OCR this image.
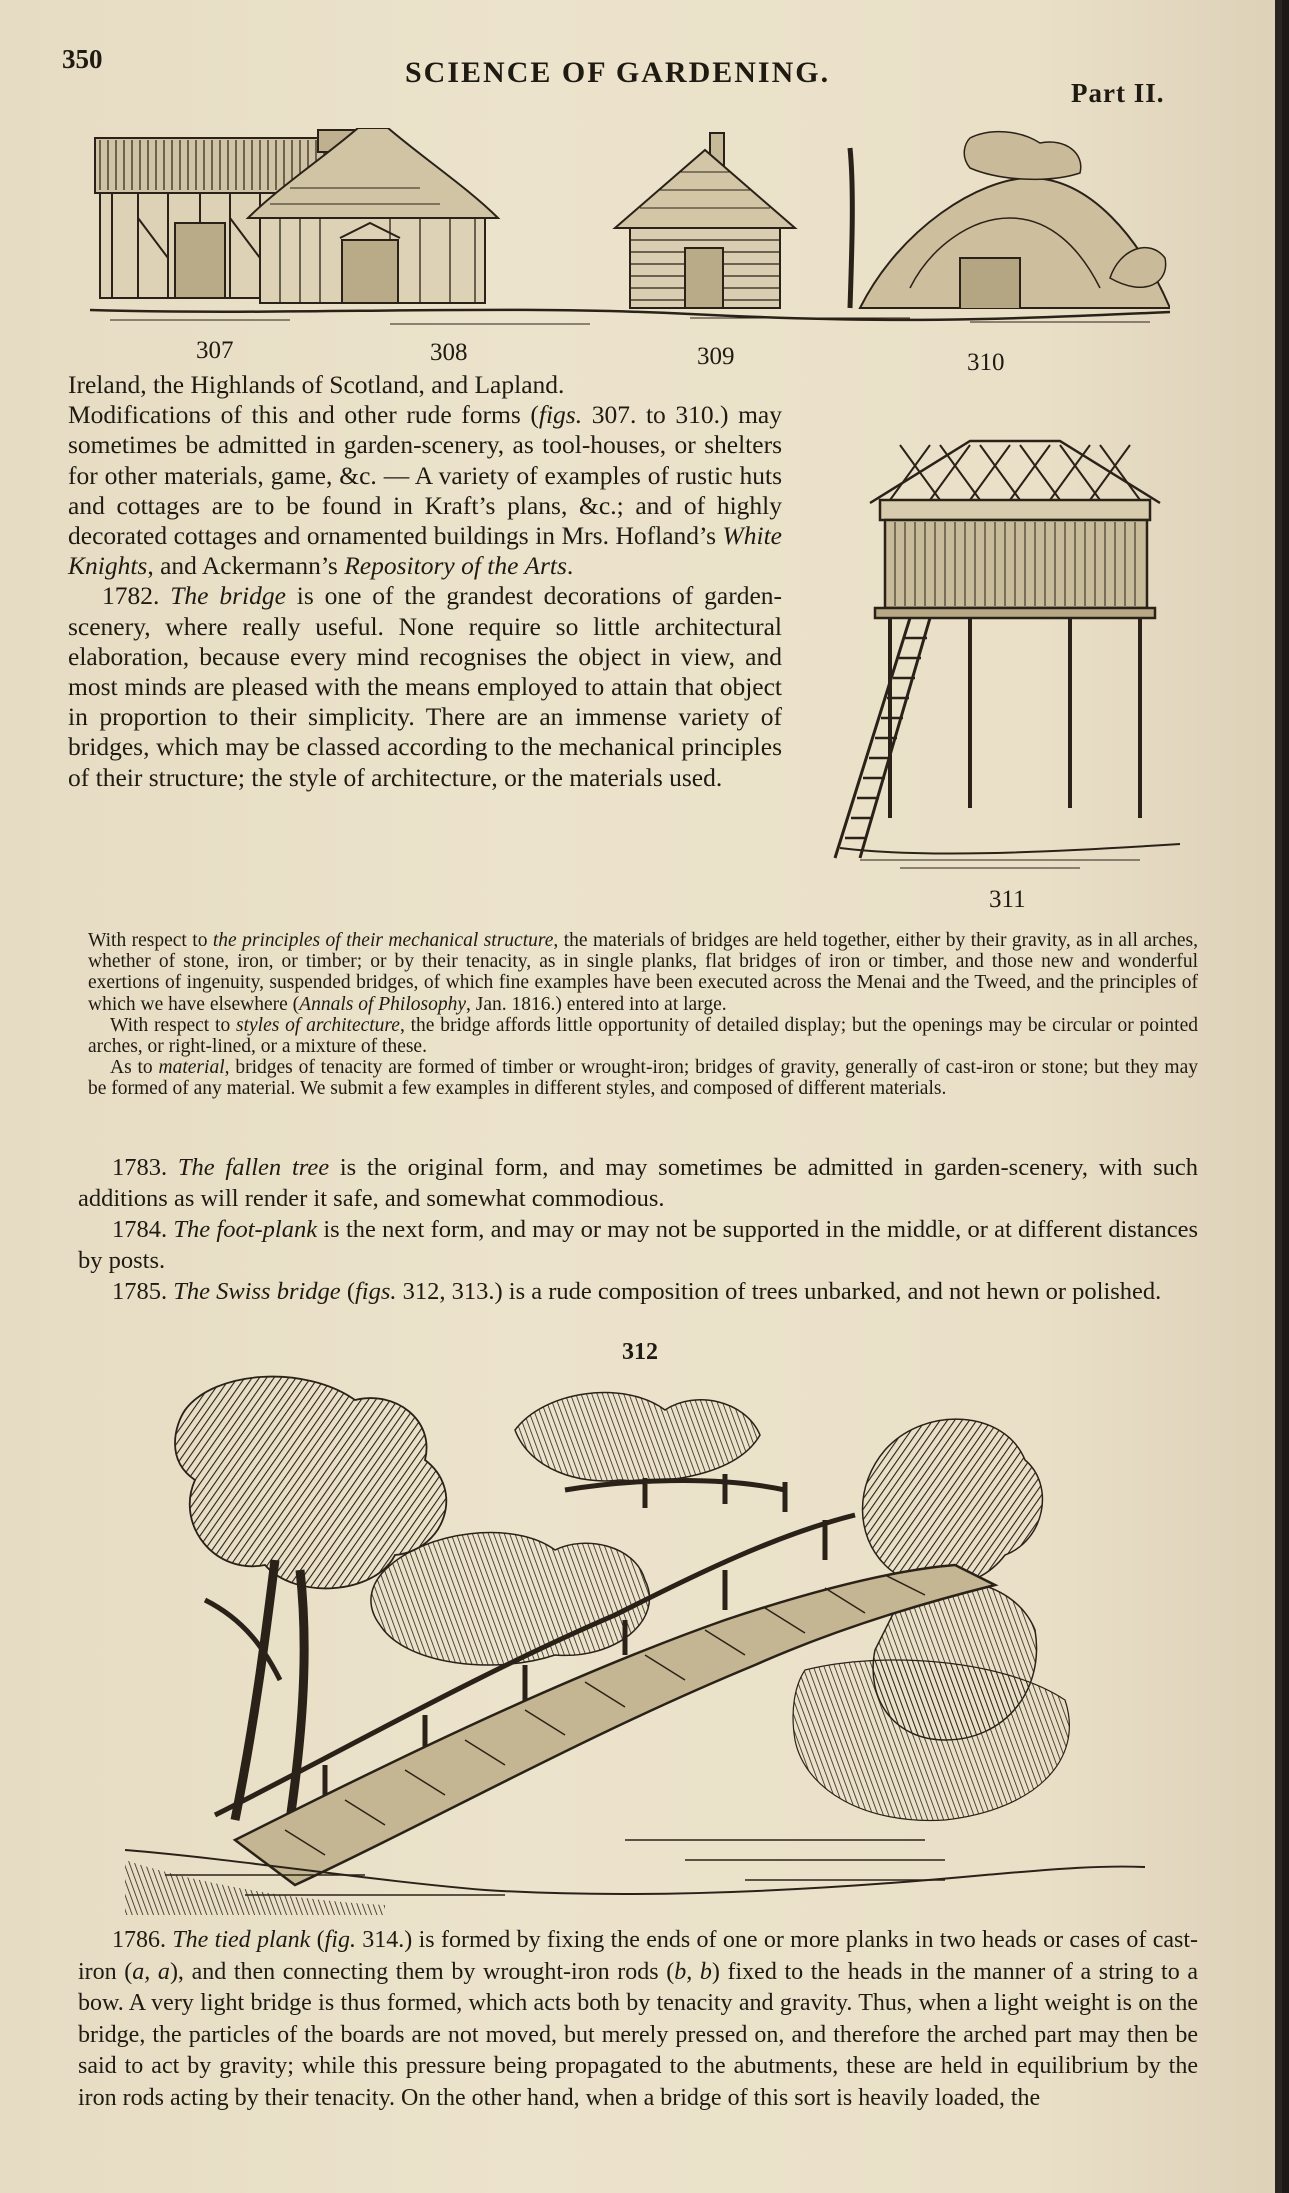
350	SCIENCE OF GARDENING.
Part II.
307	308	309	310

Ireland, the Highlands of Scotland, and Lapland.

Modifications of this and other rude forms (figs. 307. to 310.) may sometimes be admitted in garden-scenery, as tool-houses, or shelters for other materials, game, &c. — A variety of examples of rustic huts and cottages are to be found in Kraft’s plans, &c.; and of highly decorated cottages and ornamented buildings in Mrs. Hofland’s White Knights, and Ackermann’s Repository of the Arts.

1782. The bridge is one of the grandest decorations of garden-scenery, where really useful. None require so little architectural elaboration, because every mind recognises the object in view, and most minds are pleased with the means employed to attain that object in proportion to their simplicity. There are an immense variety of bridges, which may be classed according to the mechanical principles of their structure; the style of architecture, or the materials used.

311

With respect to the principles of their mechanical structure, the materials of bridges are held together, either by their gravity, as in all arches, whether of stone, iron, or timber; or by their tenacity, as in single planks, flat bridges of iron or timber, and those new and wonderful exertions of ingenuity, suspended bridges, of which fine examples have been executed across the Menai and the Tweed, and the principles of which we have elsewhere (Annals of Philosophy, Jan. 1816.) entered into at large.

With respect to styles of architecture, the bridge affords little opportunity of detailed display; but the openings may be circular or pointed arches, or right-lined, or a mixture of these.

As to material, bridges of tenacity are formed of timber or wrought-iron; bridges of gravity, generally of cast-iron or stone; but they may be formed of any material. We submit a few examples in different styles, and composed of different materials.

1783. The fallen tree is the original form, and may sometimes be admitted in garden-scenery, with such additions as will render it safe, and somewhat commodious.

1784. The foot-plank is the next form, and may or may not be supported in the middle, or at different distances by posts.

1785. The Swiss bridge (figs. 312, 313.) is a rude composition of trees unbarked, and not hewn or polished.

312

1786. The tied plank (fig. 314.) is formed by fixing the ends of one or more planks in two heads or cases of cast-iron (a, a), and then connecting them by wrought-iron rods (b, b) fixed to the heads in the manner of a string to a bow. A very light bridge is thus formed, which acts both by tenacity and gravity. Thus, when a light weight is on the bridge, the particles of the boards are not moved, but merely pressed on, and therefore the arched part may then be said to act by gravity; while this pressure being propagated to the abutments, these are held in equilibrium by the iron rods acting by their tenacity. On the other hand, when a bridge of this sort is heavily loaded, the
